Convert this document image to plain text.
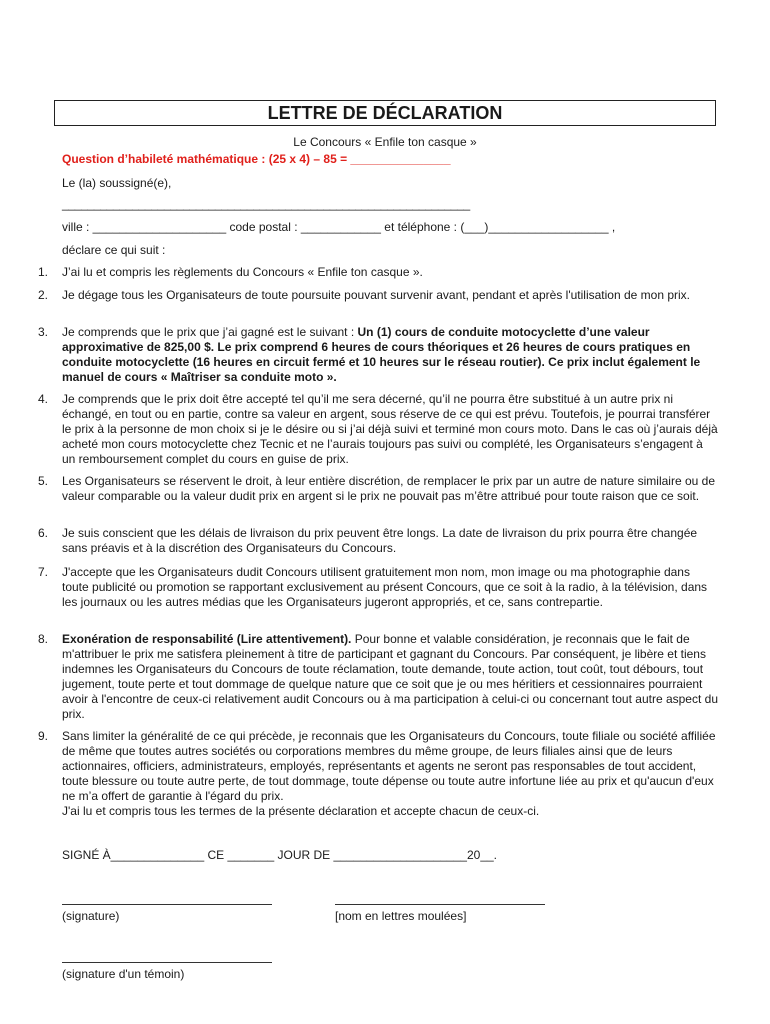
LETTRE DE DÉCLARATION
Le Concours « Enfile ton casque »
Question d’habileté mathématique : (25 x 4) – 85 = _______________
Le (la) soussigné(e),
________________________________________________________________
ville : ____________________ code postal : ____________ et téléphone : (___)__________________ ,
déclare ce qui suit :
1. J’ai lu et compris les règlements du Concours « Enfile ton casque ».
2. Je dégage tous les Organisateurs de toute poursuite pouvant survenir avant, pendant et après l'utilisation de mon prix.
3. Je comprends que le prix que j’ai gagné est le suivant : Un (1) cours de conduite motocyclette d’une valeur approximative de 825,00 $. Le prix comprend 6 heures de cours théoriques et 26 heures de cours pratiques en conduite motocyclette (16 heures en circuit fermé et 10 heures sur le réseau routier). Ce prix inclut également le manuel de cours « Maîtriser sa conduite moto ».
4. Je comprends que le prix doit être accepté tel qu’il me sera décerné, qu’il ne pourra être substitué à un autre prix ni échangé, en tout ou en partie, contre sa valeur en argent, sous réserve de ce qui est prévu. Toutefois, je pourrai transférer le prix à la personne de mon choix si je le désire ou si j’ai déjà suivi et terminé mon cours moto. Dans le cas où j’aurais déjà acheté mon cours motocyclette chez Tecnic et ne l’aurais toujours pas suivi ou complété, les Organisateurs s’engagent à un remboursement complet du cours en guise de prix.
5. Les Organisateurs se réservent le droit, à leur entière discrétion, de remplacer le prix par un autre de nature similaire ou de valeur comparable ou la valeur dudit prix en argent si le prix ne pouvait pas m’être attribué pour toute raison que ce soit.
6. Je suis conscient que les délais de livraison du prix peuvent être longs. La date de livraison du prix pourra être changée sans préavis et à la discrétion des Organisateurs du Concours.
7. J'accepte que les Organisateurs dudit Concours utilisent gratuitement mon nom, mon image ou ma photographie dans toute publicité ou promotion se rapportant exclusivement au présent Concours, que ce soit à la radio, à la télévision, dans les journaux ou les autres médias que les Organisateurs jugeront appropriés, et ce, sans contrepartie.
8. Exonération de responsabilité (Lire attentivement). Pour bonne et valable considération, je reconnais que le fait de m'attribuer le prix me satisfera pleinement à titre de participant et gagnant du Concours. Par conséquent, je libère et tiens indemnes les Organisateurs du Concours de toute réclamation, toute demande, toute action, tout coût, tout débours, tout jugement, toute perte et tout dommage de quelque nature que ce soit que je ou mes héritiers et cessionnaires pourraient avoir à l'encontre de ceux-ci relativement audit Concours ou à ma participation à celui-ci ou concernant tout autre aspect du prix.
9. Sans limiter la généralité de ce qui précède, je reconnais que les Organisateurs du Concours, toute filiale ou société affiliée de même que toutes autres sociétés ou corporations membres du même groupe, de leurs filiales ainsi que de leurs actionnaires, officiers, administrateurs, employés, représentants et agents ne seront pas responsables de tout accident, toute blessure ou toute autre perte, de tout dommage, toute dépense ou toute autre infortune liée au prix et qu'aucun d'eux ne m’a offert de garantie à l'égard du prix.
J'ai lu et compris tous les termes de la présente déclaration et accepte chacun de ceux-ci.
SIGNÉ À______________ CE _______ JOUR DE ____________________20__.
(signature)	[nom en lettres moulées]
(signature d'un témoin)
